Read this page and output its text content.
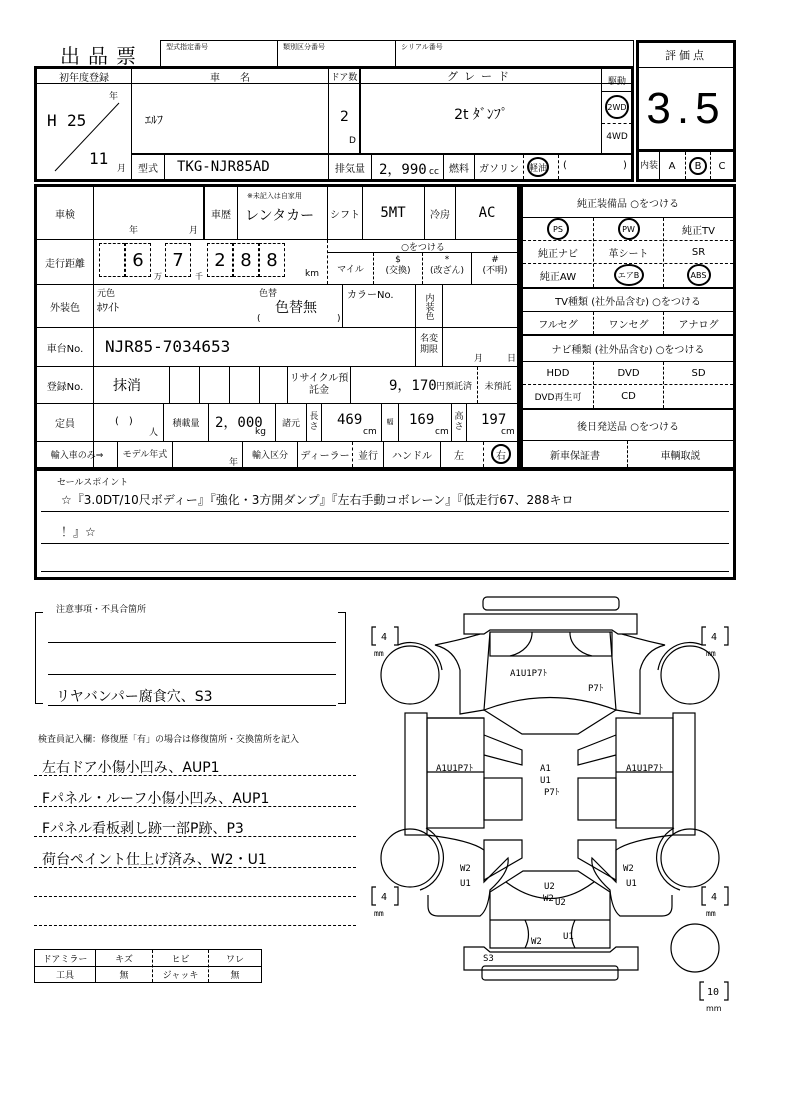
出品票	型式指定番号	類別区分番号	シリアル番号
評価点
3.5
内装	A	B	C
初年度登録
H 25
年
11
月
車　　名
ｴﾙﾌ
ドア数
2
D
グレード
2t ﾀﾞﾝﾌﾟ
駆動
2WD
4WD
型式	TKG-NJR85AD	排気量	2，990 cc	燃料	ガソリン	軽油 (	)
車検
年	月
車歴
※未記入は自家用
レンタカー シフト	5MT	冷房	AC
走行距離	6
万
7
千
2 8 8
km
○をつける
マイル
$
(交換)
*
(改ざん)
#
(不明)
外装色
元色
ﾎﾜｲﾄ
色替
色替無
(	)
カラーNo.	内装色
車台No.	NJR85-7034653	名変期限
月	日
登録No.	抹消	リサイクル預託金	9，170 円預託済	未預託
定員	(　)
人
積載量	2，000
kg
諸元
長さ 469
cm
幅	169
cm
高さ 197
cm
輸入車のみ⇒	モデル年式
年
輸入区分	ディーラー 並行	ハンドル	左	右
純正装備品 ○をつける
PS	PW	純正TV
純正ナビ	革シート	SR
純正AW	エアB	ABS
TV種類 (社外品含む) ○をつける
フルセグ	ワンセグ	アナログ
ナビ種類 (社外品含む) ○をつける
HDD	DVD	SD
DVD再生可	CD
後日発送品 ○をつける
新車保証書	車輌取説
セールスポイント
☆『3.0DT/10尺ボディー』『強化・3方開ダンプ』『左右手動コボレーン』『低走行67、288キロ
！』☆
注意事項・不具合箇所
リヤバンパー腐食穴、S3
検査員記入欄：修復歴「有」の場合は修復箇所・交換箇所を記入
左右ドア小傷小凹み、AUP1
Fパネル・ルーフ小傷小凹み、AUP1
Fパネル看板剥し跡一部P跡、P3
荷台ペイント仕上げ済み、W2・U1
ドアミラー	キズ	ヒビ	ワレ
工具	無	ジャッキ	無
4
mm
4
mm
4
mm
4
mm
10
A1U1P7ﾄ
P7ﾄ
A1U1P7ﾄ	A1U1P7ﾄ
A1
U1
P7ﾄ
W2
U1
W2
U1
U2
W2 U2
W2 U1
S3
mm
